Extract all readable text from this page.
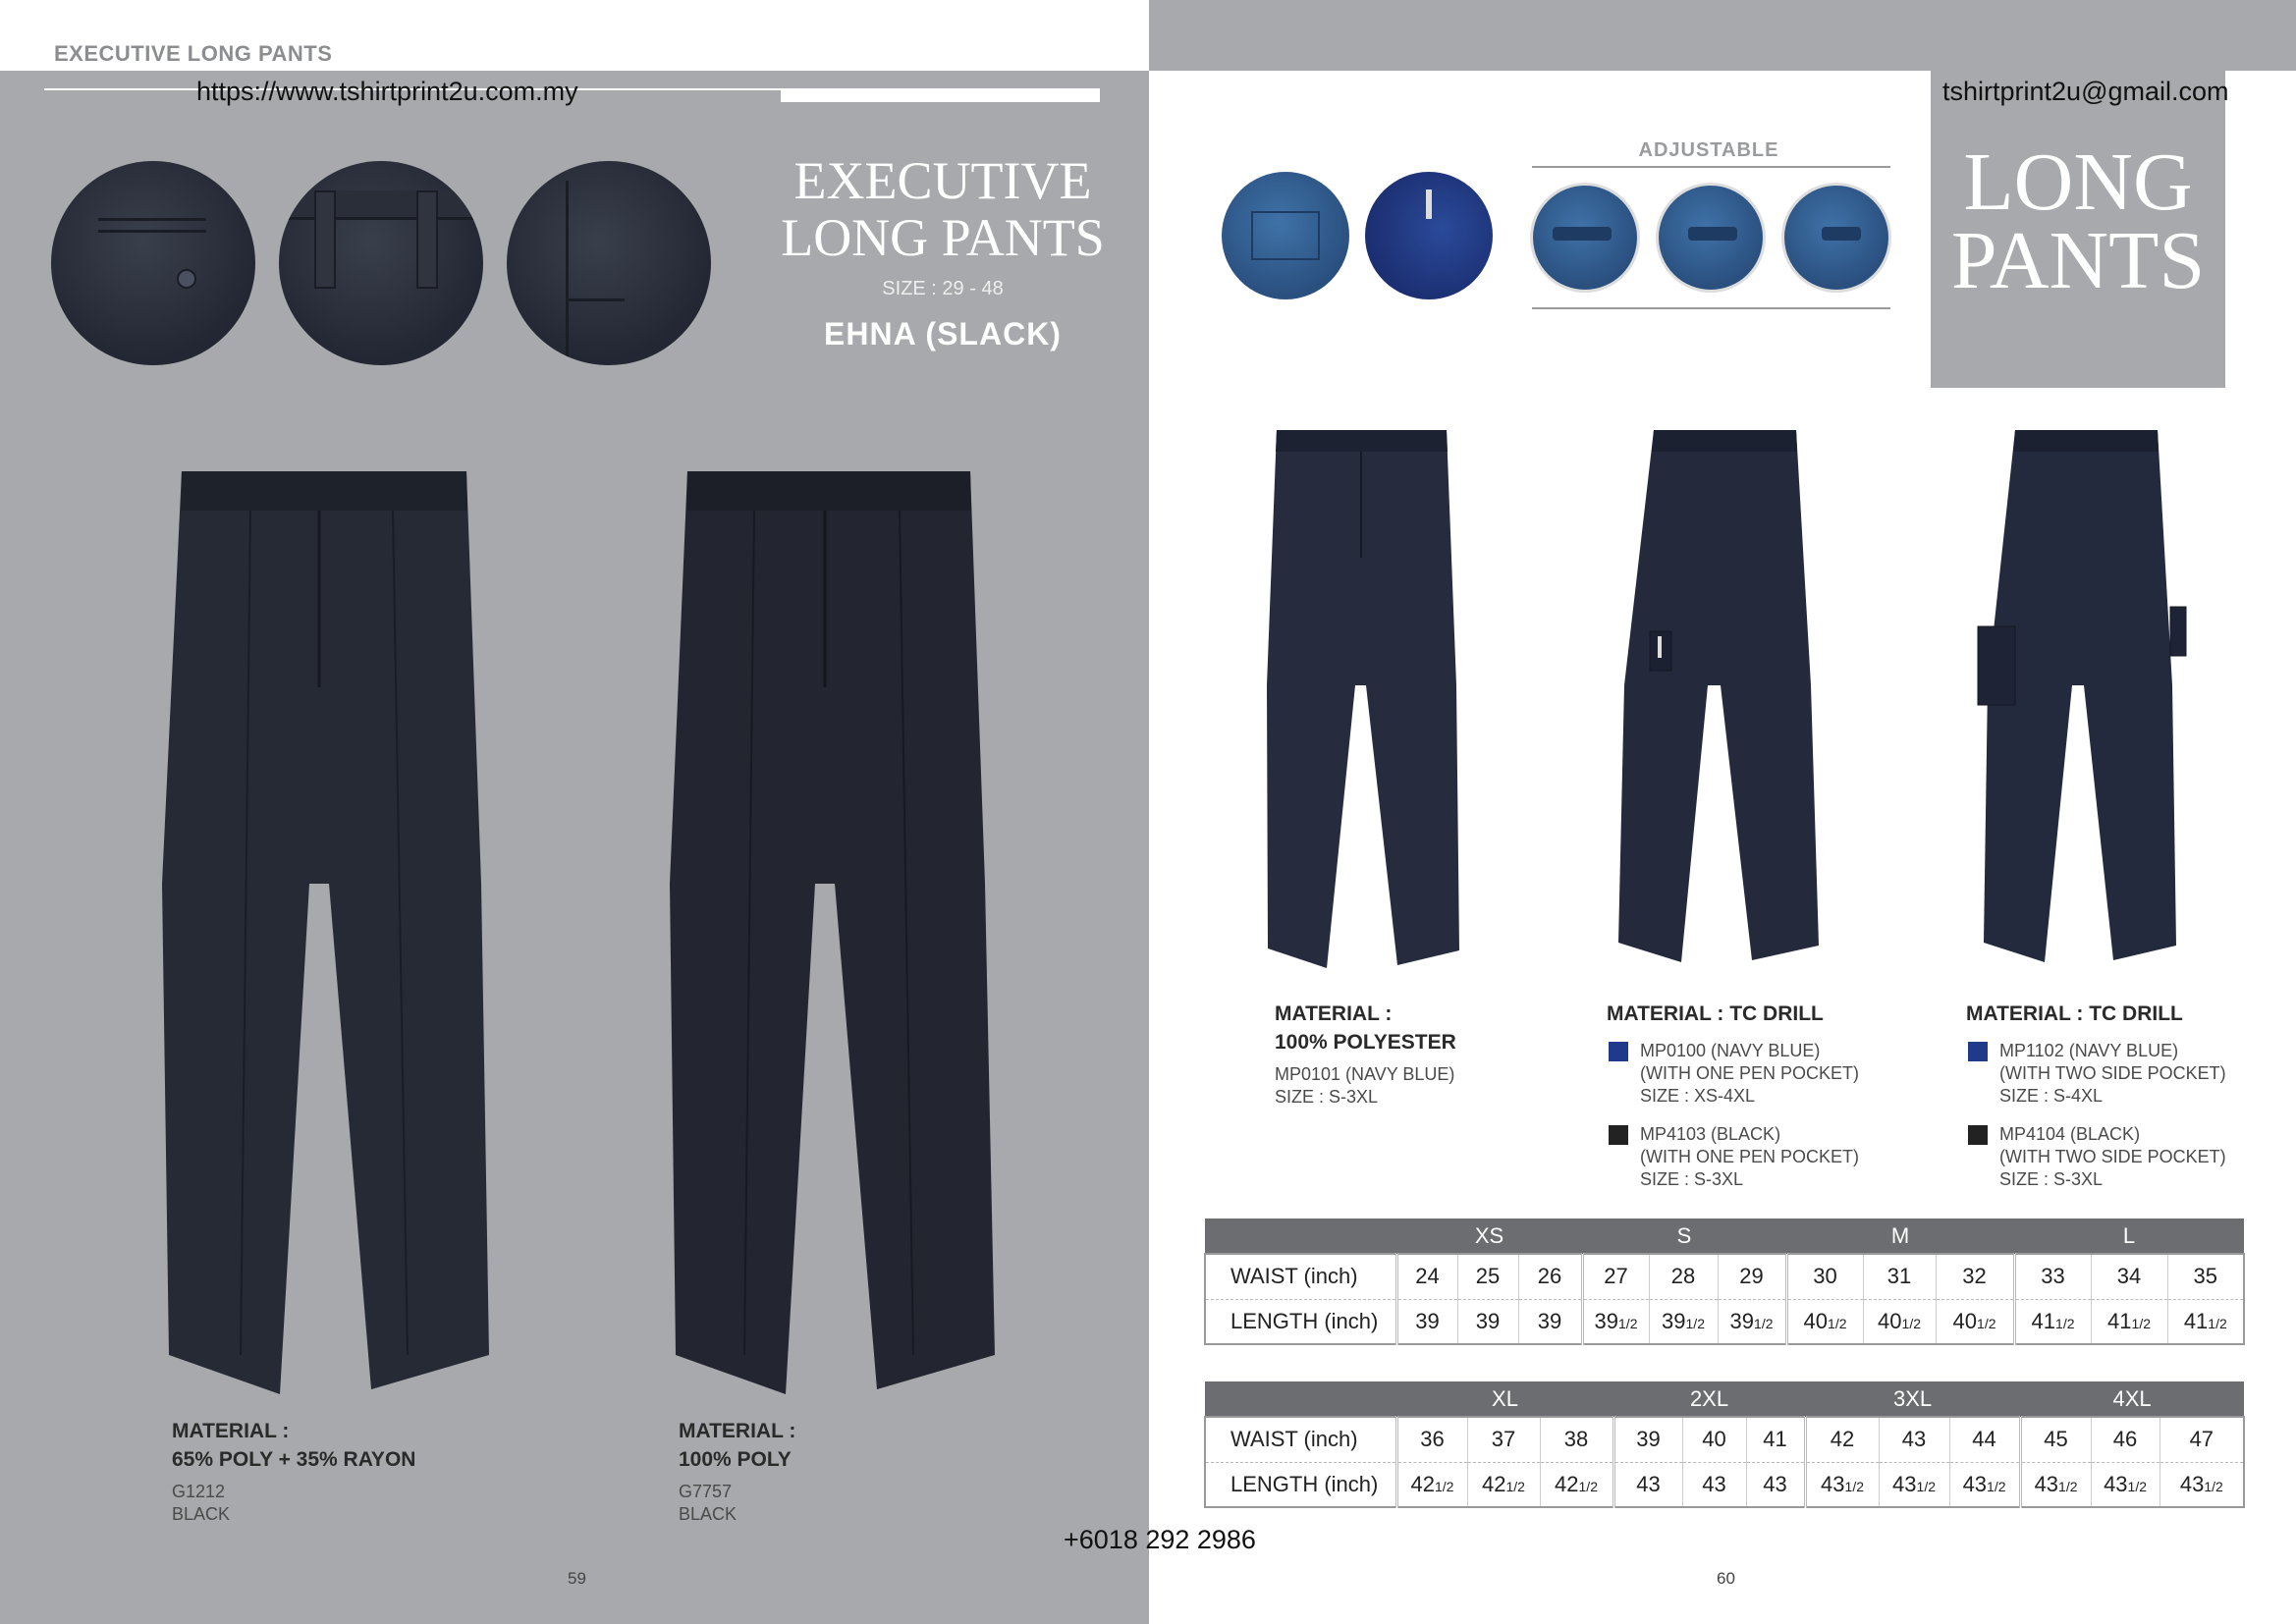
EXECUTIVE LONG PANTS
https://www.tshirtprint2u.com.my
EXECUTIVE
LONG PANTS
SIZE : 29 - 48
EHNA (SLACK)
MATERIAL :
65% POLY + 35% RAYON
G1212
BLACK
MATERIAL :
100% POLY
G7757
BLACK
59
LONG
PANTS
tshirtprint2u@gmail.com
ADJUSTABLE
MATERIAL :
100% POLYESTER
MP0101 (NAVY BLUE)
SIZE : S-3XL
MATERIAL : TC DRILL
MP0100 (NAVY BLUE)
(WITH ONE PEN POCKET)
SIZE : XS-4XL
MP4103 (BLACK)
(WITH ONE PEN POCKET)
SIZE : S-3XL
MATERIAL : TC DRILL
MP1102 (NAVY BLUE)
(WITH TWO SIDE POCKET)
SIZE : S-4XL
MP4104 (BLACK)
(WITH TWO SIDE POCKET)
SIZE : S-3XL
	XS			S			M			L		
WAIST (inch)	24	25	26	27	28	29	30	31	32	33	34	35
LENGTH (inch)	39	39	39	391/2	391/2	391/2	401/2	401/2	401/2	411/2	411/2	411/2
	XL			2XL			3XL			4XL		
WAIST (inch)	36	37	38	39	40	41	42	43	44	45	46	47
LENGTH (inch)	421/2	421/2	421/2	43	43	43	431/2	431/2	431/2	431/2	431/2	431/2
+6018 292 2986
60
